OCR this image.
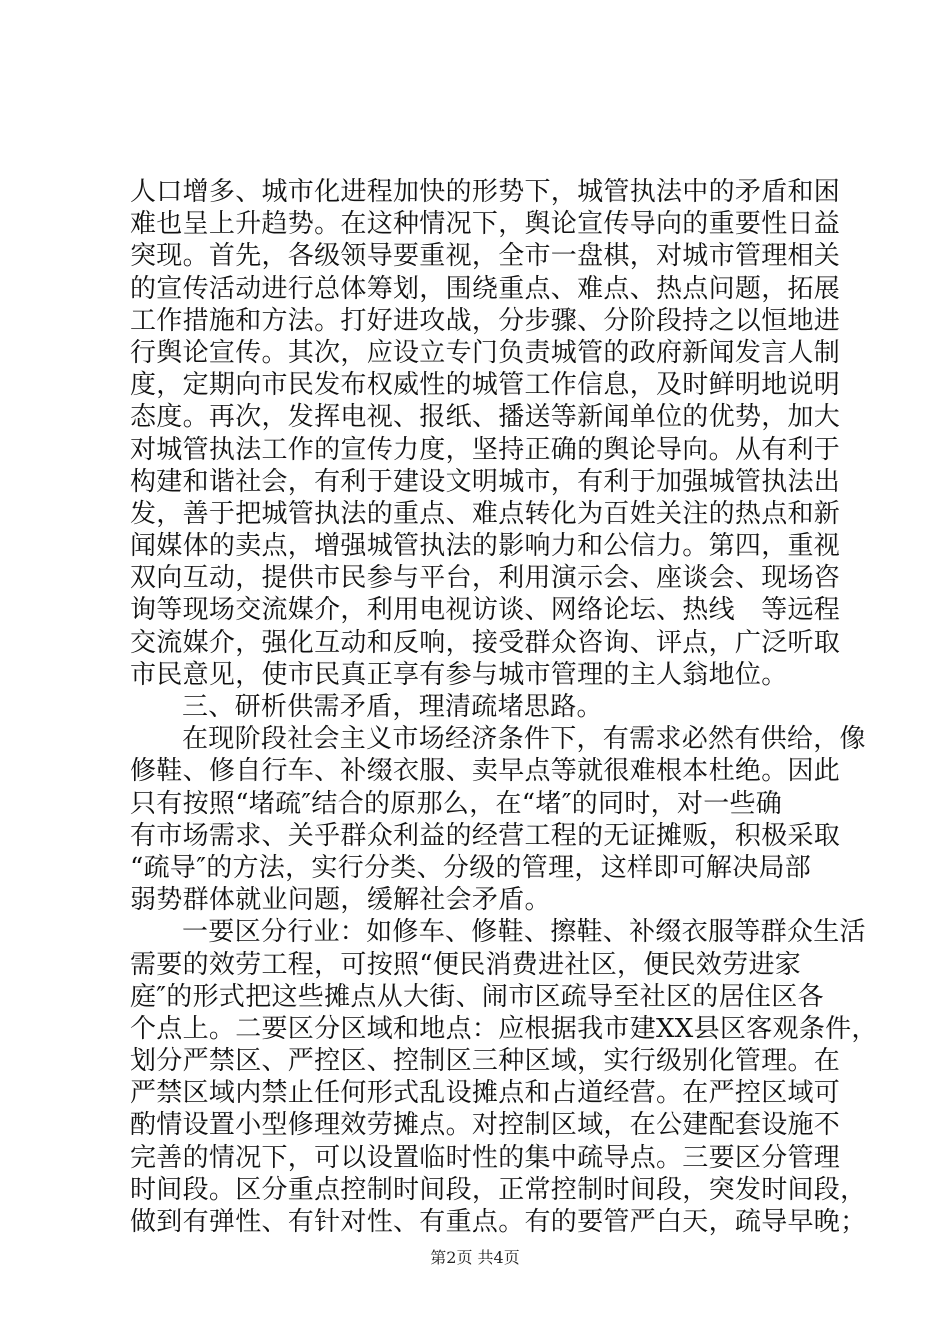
人口增多、城市化进程加快的形势下，城管执法中的矛盾和困
难也呈上升趋势。在这种情况下，舆论宣传导向的重要性日益
突现。首先，各级领导要重视，全市一盘棋，对城市管理相关
的宣传活动进行总体筹划，围绕重点、难点、热点问题，拓展
工作措施和方法。打好进攻战，分步骤、分阶段持之以恒地进
行舆论宣传。其次，应设立专门负责城管的政府新闻发言人制
度，定期向市民发布权威性的城管工作信息，及时鲜明地说明
态度。再次，发挥电视、报纸、播送等新闻单位的优势，加大
对城管执法工作的宣传力度，坚持正确的舆论导向。从有利于
构建和谐社会，有利于建设文明城市，有利于加强城管执法出
发，善于把城管执法的重点、难点转化为百姓关注的热点和新
闻媒体的卖点，增强城管执法的影响力和公信力。第四，重视
双向互动，提供市民参与平台，利用演示会、座谈会、现场咨
询等现场交流媒介，利用电视访谈、网络论坛、热线　等远程
交流媒介，强化互动和反响，接受群众咨询、评点，广泛听取
市民意见，使市民真正享有参与城市管理的主人翁地位。
三、研析供需矛盾，理清疏堵思路。
在现阶段社会主义市场经济条件下，有需求必然有供给，像
修鞋、修自行车、补缀衣服、卖早点等就很难根本杜绝。因此
只有按照“堵疏″结合的原那么，在“堵″的同时，对一些确
有市场需求、关乎群众利益的经营工程的无证摊贩，积极采取
“疏导″的方法，实行分类、分级的管理，这样即可解决局部
弱势群体就业问题，缓解社会矛盾。
一要区分行业：如修车、修鞋、擦鞋、补缀衣服等群众生活
需要的效劳工程，可按照“便民消费进社区，便民效劳进家
庭″的形式把这些摊点从大街、闹市区疏导至社区的居住区各
个点上。二要区分区域和地点：应根据我市建XX县区客观条件，
划分严禁区、严控区、控制区三种区域，实行级别化管理。在
严禁区域内禁止任何形式乱设摊点和占道经营。在严控区域可
酌情设置小型修理效劳摊点。对控制区域，在公建配套设施不
完善的情况下，可以设置临时性的集中疏导点。三要区分管理
时间段。区分重点控制时间段，正常控制时间段，突发时间段，
做到有弹性、有针对性、有重点。有的要管严白天，疏导早晚；
第2页 共4页
